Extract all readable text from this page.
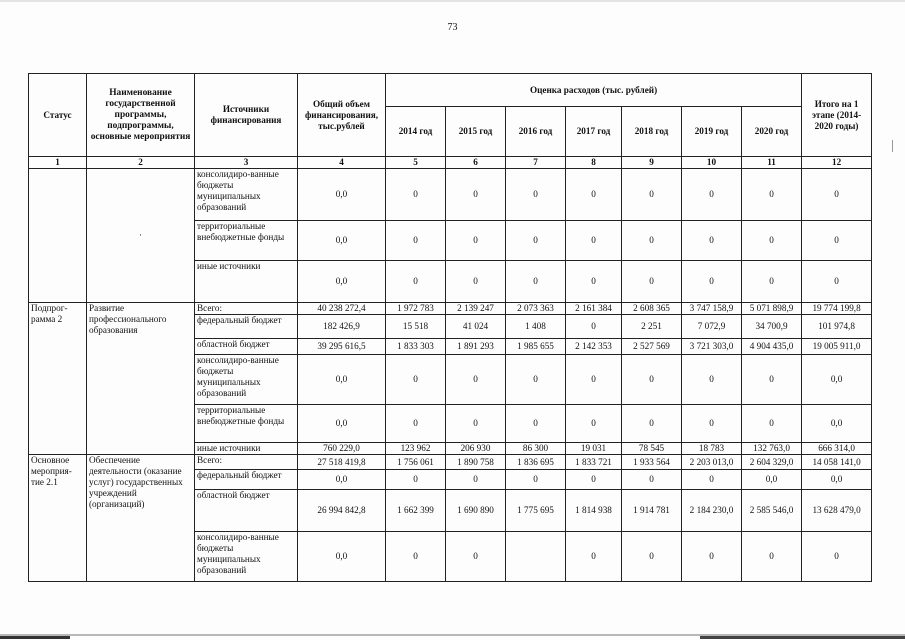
73
Статус	Наименование государственной программы, подпрограммы, основные мероприятия	Источники финансирования	Общий объем финансирования, тыс.рублей	Оценка расходов (тыс. рублей)							Итого на 1 этапе (2014-2020 годы)
				2014 год	2015 год	2016 год	2017 год	2018 год	2019 год	2020 год	
1	2	3	4	5	6	7	8	9	10	11	12
	·	консолидиро-ванные бюджеты муниципальных образований	0,0	0	0	0	0	0	0	0	0
		территориальные внебюджетные фонды	0,0	0	0	0	0	0	0	0	0
		иные источники	0,0	0	0	0	0	0	0	0	0
Подпрог-рамма 2	Развитие профессионального образования	Всего:	40 238 272,4	1 972 783	2 139 247	2 073 363	2 161 384	2 608 365	3 747 158,9	5 071 898,9	19 774 199,8
		федеральный бюджет	182 426,9	15 518	41 024	1 408	0	2 251	7 072,9	34 700,9	101 974,8
		областной бюджет	39 295 616,5	1 833 303	1 891 293	1 985 655	2 142 353	2 527 569	3 721 303,0	4 904 435,0	19 005 911,0
		консолидиро-ванные бюджеты муниципальных образований	0,0	0	0	0	0	0	0	0	0,0
		территориальные внебюджетные фонды	0,0	0	0	0	0	0	0	0	0,0
		иные источники	760 229,0	123 962	206 930	86 300	19 031	78 545	18 783	132 763,0	666 314,0
Основное мероприя-тие 2.1	Обеспечение деятельности (оказание услуг) государственных учреждений (организаций)	Всего:	27 518 419,8	1 756 061	1 890 758	1 836 695	1 833 721	1 933 564	2 203 013,0	2 604 329,0	14 058 141,0
		федеральный бюджет	0,0	0	0	0	0	0	0	0,0	0,0
		областной бюджет	26 994 842,8	1 662 399	1 690 890	1 775 695	1 814 938	1 914 781	2 184 230,0	2 585 546,0	13 628 479,0
		консолидиро-ванные бюджеты муниципальных образований	0,0	0	0		0	0	0	0	0
